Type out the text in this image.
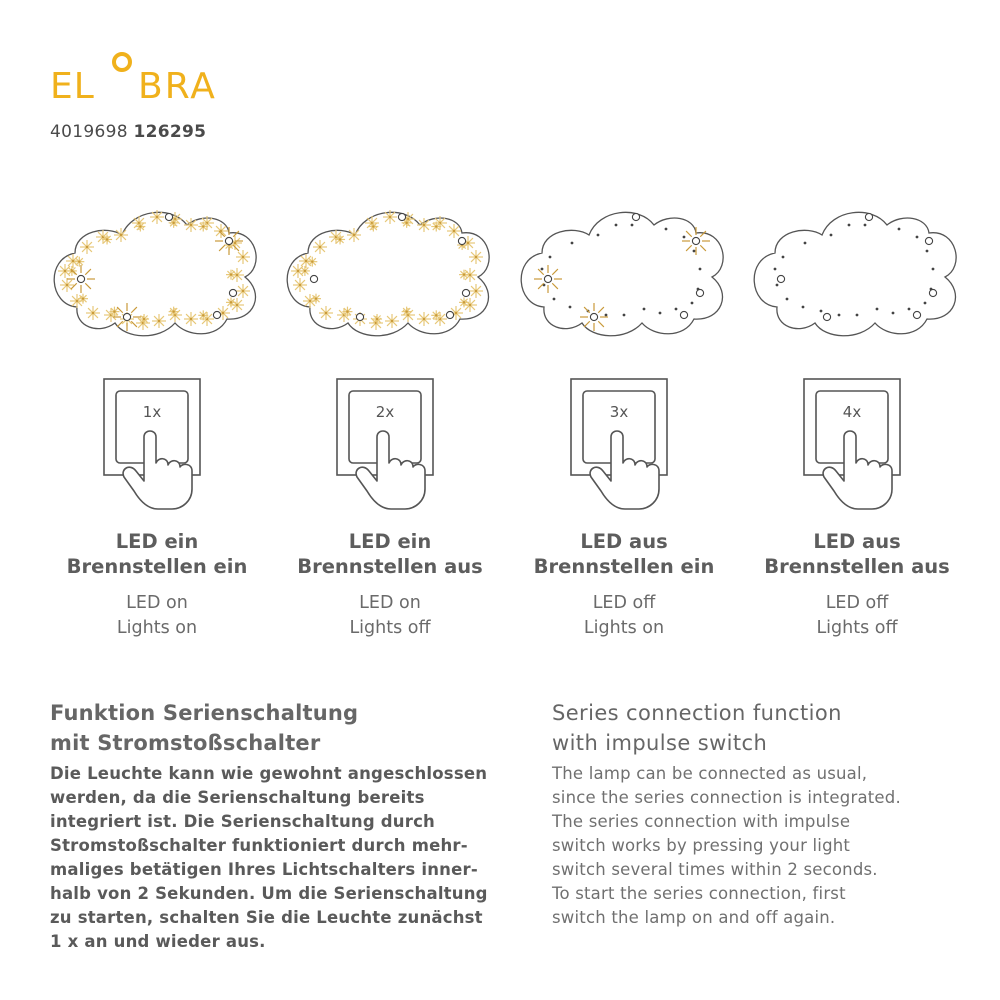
EL BRA
4019698 126295
1x
LED ein
Brennstellen ein
LED on
Lights on
2x
LED ein
Brennstellen aus
LED on
Lights off
3x
LED aus
Brennstellen ein
LED off
Lights on
4x
LED aus
Brennstellen aus
LED off
Lights off
Funktion Serienschaltung
mit Stromstoßschalter

Die Leuchte kann wie gewohnt angeschlossen
werden, da die Serienschaltung bereits
integriert ist. Die Serienschaltung durch
Stromstoßschalter funktioniert durch mehr-
maliges betätigen Ihres Lichtschalters inner-
halb von 2 Sekunden. Um die Serienschaltung
zu starten, schalten Sie die Leuchte zunächst
1 x an und wieder aus.

Series connection function
with impulse switch

The lamp can be connected as usual,
since the series connection is integrated.
The series connection with impulse
switch works by pressing your light
switch several times within 2 seconds.
To start the series connection, first
switch the lamp on and off again.
